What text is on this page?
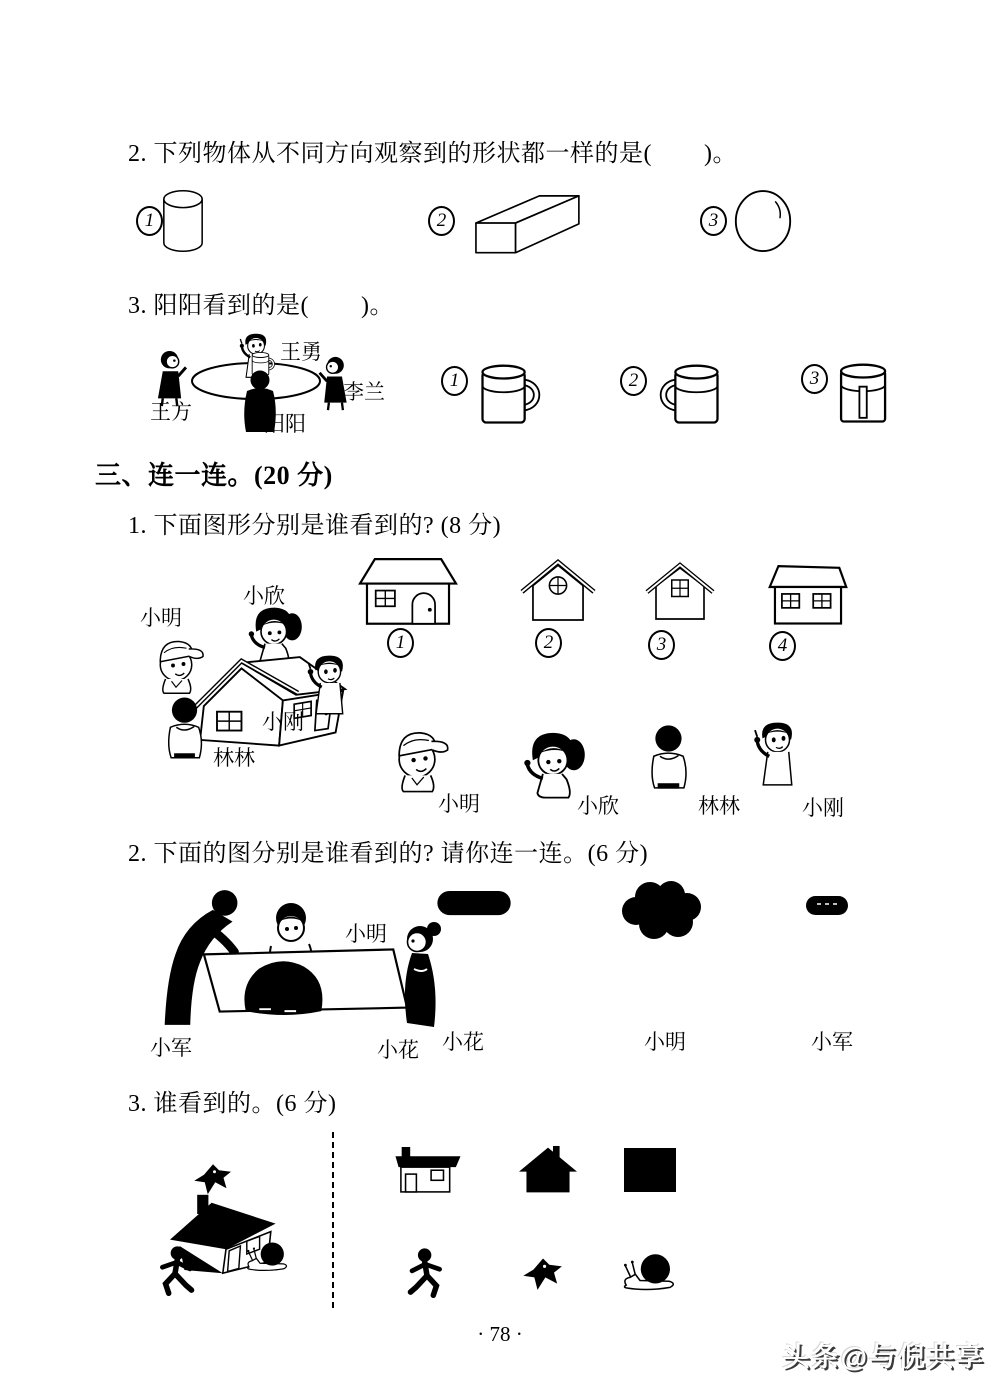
2. 下列物体从不同方向观察到的形状都一样的是(        )。
1	2	3
3. 阳阳看到的是(        )。
王勇
王方
李兰
阳阳
1	2	3
三、连一连。(20 分)
1. 下面图形分别是谁看到的? (8 分)
小明
小欣
小刚
林林
1	2	3	4
小明	小欣	林林	小刚
2. 下面的图分别是谁看到的? 请你连一连。(6 分)
小明
小军	小花 小花	小明	小军
3. 谁看到的。(6 分)
· 78 ·
头条@与倪共享
